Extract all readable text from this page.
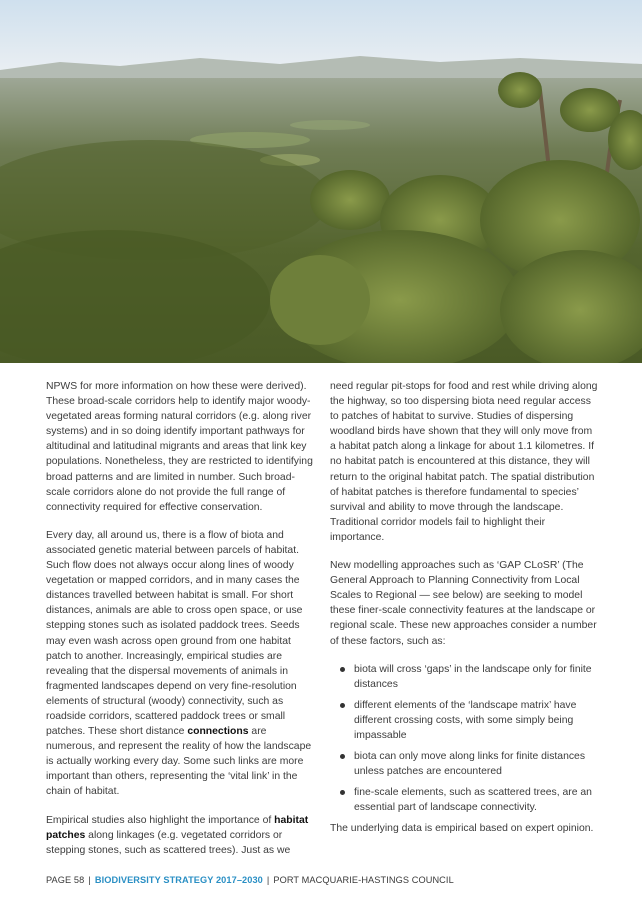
NPWS for more information on how these were derived). These broad-scale corridors help to identify major woody-vegetated areas forming natural corridors (e.g. along river systems) and in so doing identify important pathways for altitudinal and latitudinal migrants and areas that link key populations. Nonetheless, they are restricted to identifying broad patterns and are limited in number. Such broad-scale corridors alone do not provide the full range of connectivity required for effective conservation.

Every day, all around us, there is a flow of biota and associated genetic material between parcels of habitat. Such flow does not always occur along lines of woody vegetation or mapped corridors, and in many cases the distances travelled between habitat is small. For short distances, animals are able to cross open space, or use stepping stones such as isolated paddock trees. Seeds may even wash across open ground from one habitat patch to another. Increasingly, empirical studies are revealing that the dispersal movements of animals in fragmented landscapes depend on very fine-resolution elements of structural (woody) connectivity, such as roadside corridors, scattered paddock trees or small patches. These short distance connections are numerous, and represent the reality of how the landscape is actually working every day. Some such links are more important than others, representing the ‘vital link’ in the chain of habitat.

Empirical studies also highlight the importance of habitat patches along linkages (e.g. vegetated corridors or stepping stones, such as scattered trees). Just as we

need regular pit-stops for food and rest while driving along the highway, so too dispersing biota need regular access to patches of habitat to survive. Studies of dispersing woodland birds have shown that they will only move from a habitat patch along a linkage for about 1.1 kilometres. If no habitat patch is encountered at this distance, they will return to the original habitat patch. The spatial distribution of habitat patches is therefore fundamental to species’ survival and ability to move through the landscape. Traditional corridor models fail to highlight their importance.

New modelling approaches such as ‘GAP CLoSR’ (The General Approach to Planning Connectivity from Local Scales to Regional — see below) are seeking to model these finer-scale connectivity features at the landscape or regional scale. These new approaches consider a number of these factors, such as:

biota will cross ‘gaps’ in the landscape only for finite distances
different elements of the ‘landscape matrix’ have different crossing costs, with some simply being impassable
biota can only move along links for finite distances unless patches are encountered
fine-scale elements, such as scattered trees, are an essential part of landscape connectivity.

The underlying data is empirical based on expert opinion.

PAGE 58 | BIODIVERSITY STRATEGY 2017–2030 | PORT MACQUARIE-HASTINGS COUNCIL
